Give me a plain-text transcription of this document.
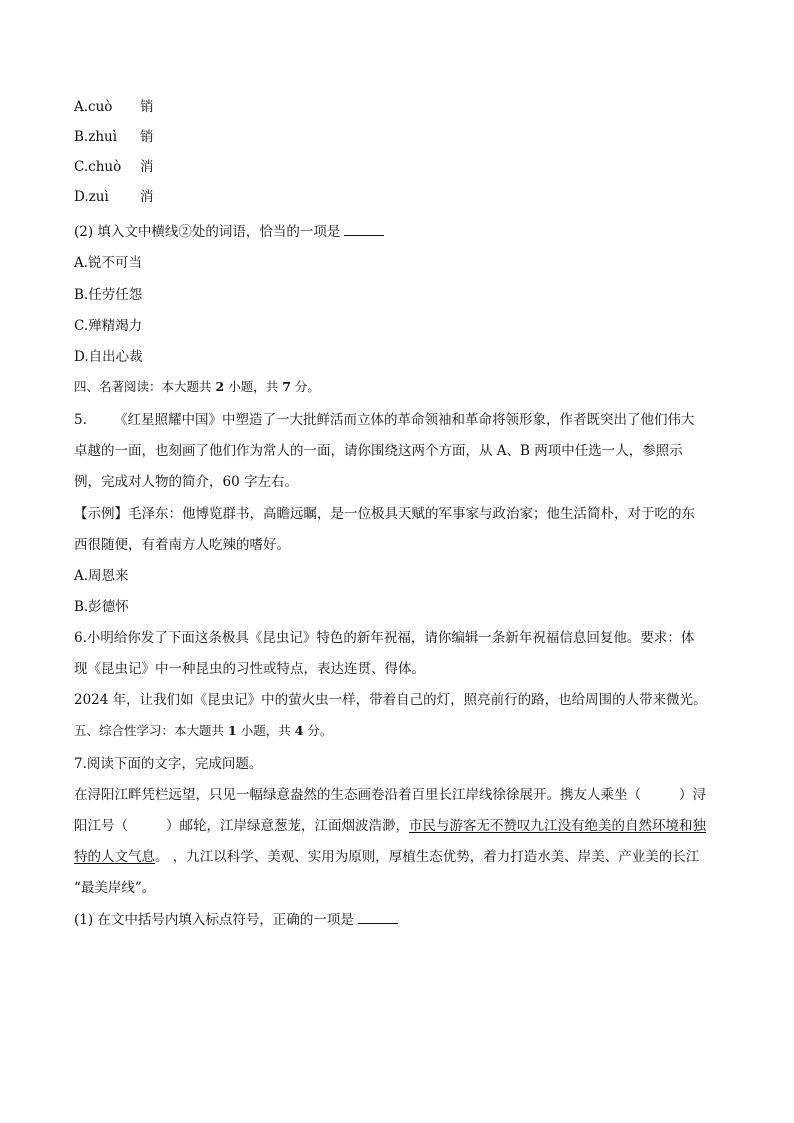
A.cuò 销
B.zhuì 销
C.chuò 消
D.zuì 消
(2) 填入文中横线②处的词语，恰当的一项是
A.锐不可当
B.任劳任怨
C.殚精竭力
D.自出心裁
四、名著阅读：本大题共 2 小题，共 7 分。
5. 《红星照耀中国》中塑造了一大批鲜活而立体的革命领袖和革命将领形象，作者既突出了他们伟大
卓越的一面，也刻画了他们作为常人的一面，请你围绕这两个方面，从 A、B 两项中任选一人，参照示
例，完成对人物的简介，60 字左右。
【示例】毛泽东：他博览群书，高瞻远瞩，是一位极具天赋的军事家与政治家；他生活简朴，对于吃的东
西很随便，有着南方人吃辣的嗜好。
A.周恩来
B.彭德怀
6.小明给你发了下面这条极具《昆虫记》特色的新年祝福，请你编辑一条新年祝福信息回复他。要求：体
现《昆虫记》中一种昆虫的习性或特点，表达连贯、得体。
2024 年，让我们如《昆虫记》中的萤火虫一样，带着自己的灯，照亮前行的路，也给周围的人带来微光。
五、综合性学习：本大题共 1 小题，共 4 分。
7.阅读下面的文字，完成问题。
在浔阳江畔凭栏远望，只见一幅绿意盎然的生态画卷沿着百里长江岸线徐徐展开。携友人乘坐（	）浔
阳江号（	）邮轮，江岸绿意葱茏，江面烟波浩渺，市民与游客无不赞叹九江没有绝美的自然环境和独
特的人文气息。 ，九江以科学、美观、实用为原则，厚植生态优势，着力打造水美、岸美、产业美的长江
“最美岸线”。
(1) 在文中括号内填入标点符号，正确的一项是
